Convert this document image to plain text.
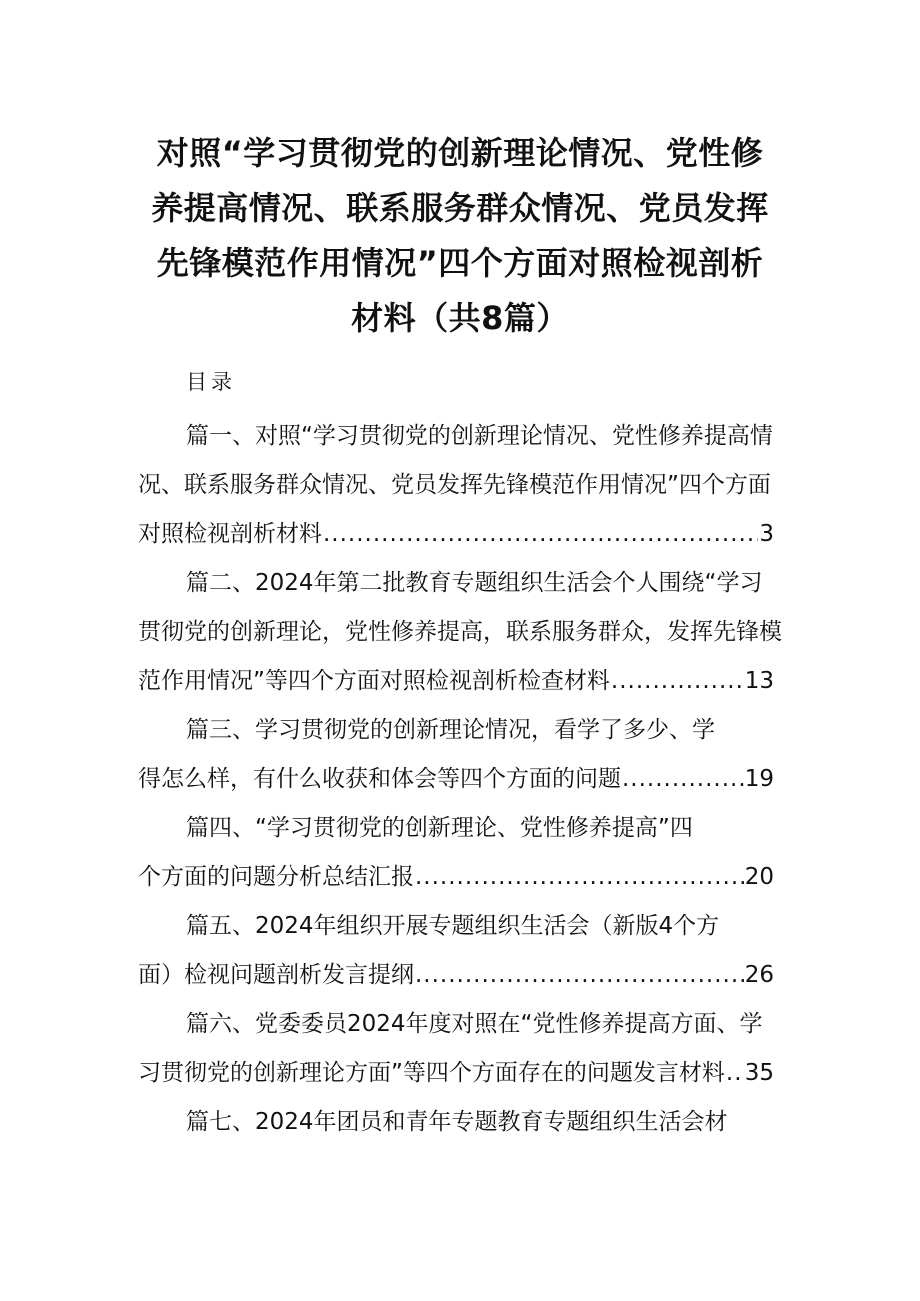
对照“学习贯彻党的创新理论情况、党性修
养提高情况、联系服务群众情况、党员发挥
先锋模范作用情况”四个方面对照检视剖析
材料（共8篇）
目录
篇一、对照“学习贯彻党的创新理论情况、党性修养提高情
况、联系服务群众情况、党员发挥先锋模范作用情况”四个方面
对照检视剖析材料 .....	3
篇二、2024年第二批教育专题组织生活会个人围绕“学习
贯彻党的创新理论，党性修养提高，联系服务群众，发挥先锋模
范作用情况”等四个方面对照检视剖析检查材料 .....	13
篇三、学习贯彻党的创新理论情况，看学了多少、学
得怎么样，有什么收获和体会等四个方面的问题 .....	19
篇四、“学习贯彻党的创新理论、党性修养提高”四
个方面的问题分析总结汇报 .....	20
篇五、2024年组织开展专题组织生活会（新版4个方
面）检视问题剖析发言提纲 .....	26
篇六、党委委员2024年度对照在“党性修养提高方面、学
习贯彻党的创新理论方面”等四个方面存在的问题发言材料 ..... 35
篇七、2024年团员和青年专题教育专题组织生活会材
